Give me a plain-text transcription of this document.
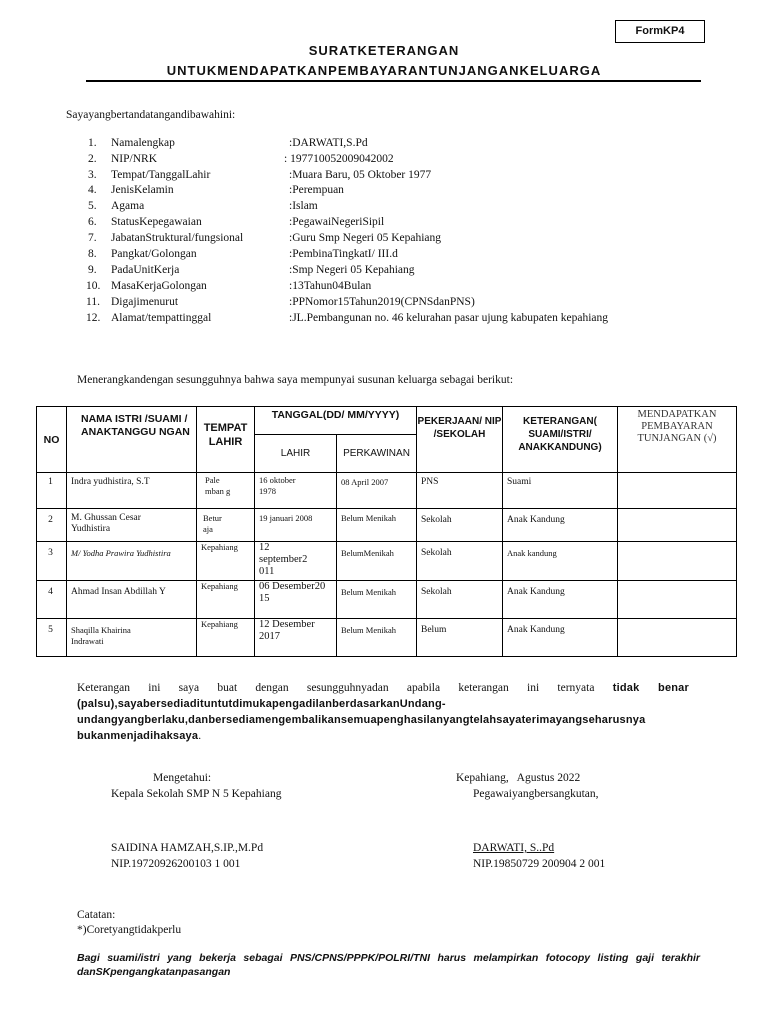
FormKP4
SURATKETERANGAN
UNTUKMENDAPATKANPEMBAYARANTUNJANGANKELUARGA
Sayayangbertandatangandibawahini:
1.	Namalengkap	:DARWATI,S.Pd
2.	NIP/NRK	: 197710052009042002
3.	Tempat/TanggalLahir	:Muara Baru, 05 Oktober 1977
4.	JenisKelamin	:Perempuan
5.	Agama	:Islam
6.	StatusKepegawaian	:PegawaiNegeriSipil
7.	JabatanStruktural/fungsional	:Guru Smp Negeri 05 Kepahiang
8.	Pangkat/Golongan	:PembinaTingkatI/ III.d
9.	PadaUnitKerja	:Smp Negeri 05 Kepahiang
10. MasaKerjaGolongan	:13Tahun04Bulan
11. Digajimenurut	:PPNomor15Tahun2019(CPNSdanPNS)
12. Alamat/tempattinggal	:JL.Pembangunan no. 46 kelurahan pasar ujung kabupaten kepahiang
Menerangkandengan sesungguhnya bahwa saya mempunyai susunan keluarga sebagai berikut:
NO	NAMA ISTRI /SUAMI / ANAKTANGGU NGAN	TEMPAT LAHIR	TANGGAL(DD/ MM/YYYY)		PEKERJAAN/ NIP /SEKOLAH	KETERANGAN( SUAMI/ISTRI/ ANAKKANDUNG)	MENDAPATKAN PEMBAYARAN TUNJANGAN (√)
			LAHIR	PERKAWINAN			

1	Indra yudhistira, S.T	Pale mban g	16 oktober 1978	08 April 2007	PNS	Suami	

2	M. Ghussan Cesar Yudhistira	Betur aja	19 januari 2008	Belum Menikah	Sekolah	Anak Kandung	

3	M/ Yodha Prawira Yudhistira	Kepahiang	12 september2 011	BelumMenikah	Sekolah	Anak kandung	

4	Ahmad Insan Abdillah Y	Kepahiang	06 Desember20 15	Belum Menikah	Sekolah	Anak Kandung	

5	Shaqilla Khairina Indrawati	Kepahiang	12 Desember 2017	Belum Menikah	Belum	Anak Kandung	

Keterangan ini saya buat dengan sesungguhnyadan apabila keterangan ini ternyata tidak benar (palsu),sayabersediadituntutdimukapengadilanberdasarkanUndang-undangyangberlaku,danbersediamengembalikansemuapenghasilanyangtelahsayaterimayangseharusnya bukanmenjadihaksaya.
Mengetahui:
Kepala Sekolah SMP N 5 Kepahiang
SAIDINA HAMZAH,S.IP.,M.Pd
NIP.19720926200103 1 001
Kepahiang,   Agustus 2022
Pegawaiyangbersangkutan,
DARWATI, S..Pd
NIP.19850729 200904 2 001
Catatan:
*)Coretyangtidakperlu
Bagi suami/istri yang bekerja sebagai PNS/CPNS/PPPK/POLRI/TNI harus melampirkan fotocopy listing gaji terakhir danSKpengangkatanpasangan
